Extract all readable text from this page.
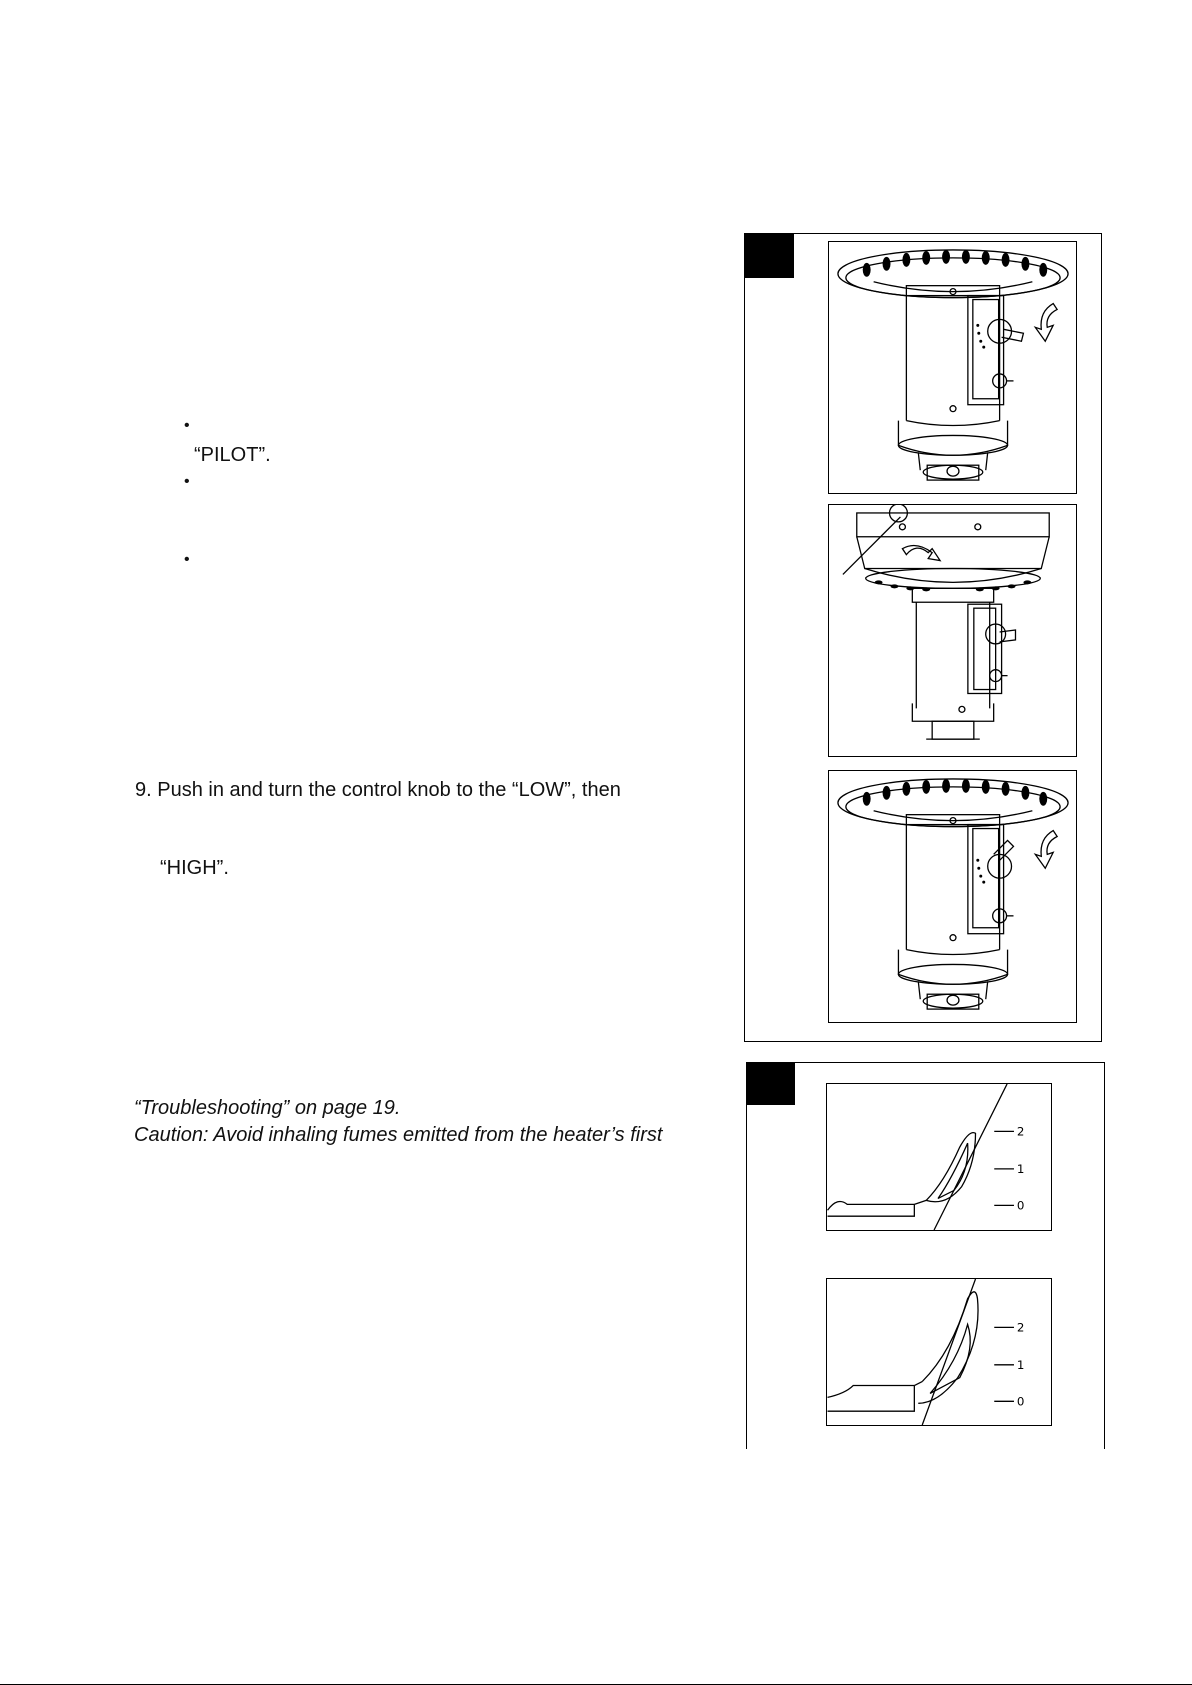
•
“PILOT”.
•
•
9. Push in and turn the control knob to the “LOW”, then
“HIGH”.
“Troubleshooting” on page 19.
Caution: Avoid inhaling fumes emitted from the heater’s first	2
1
0
2
1
0
